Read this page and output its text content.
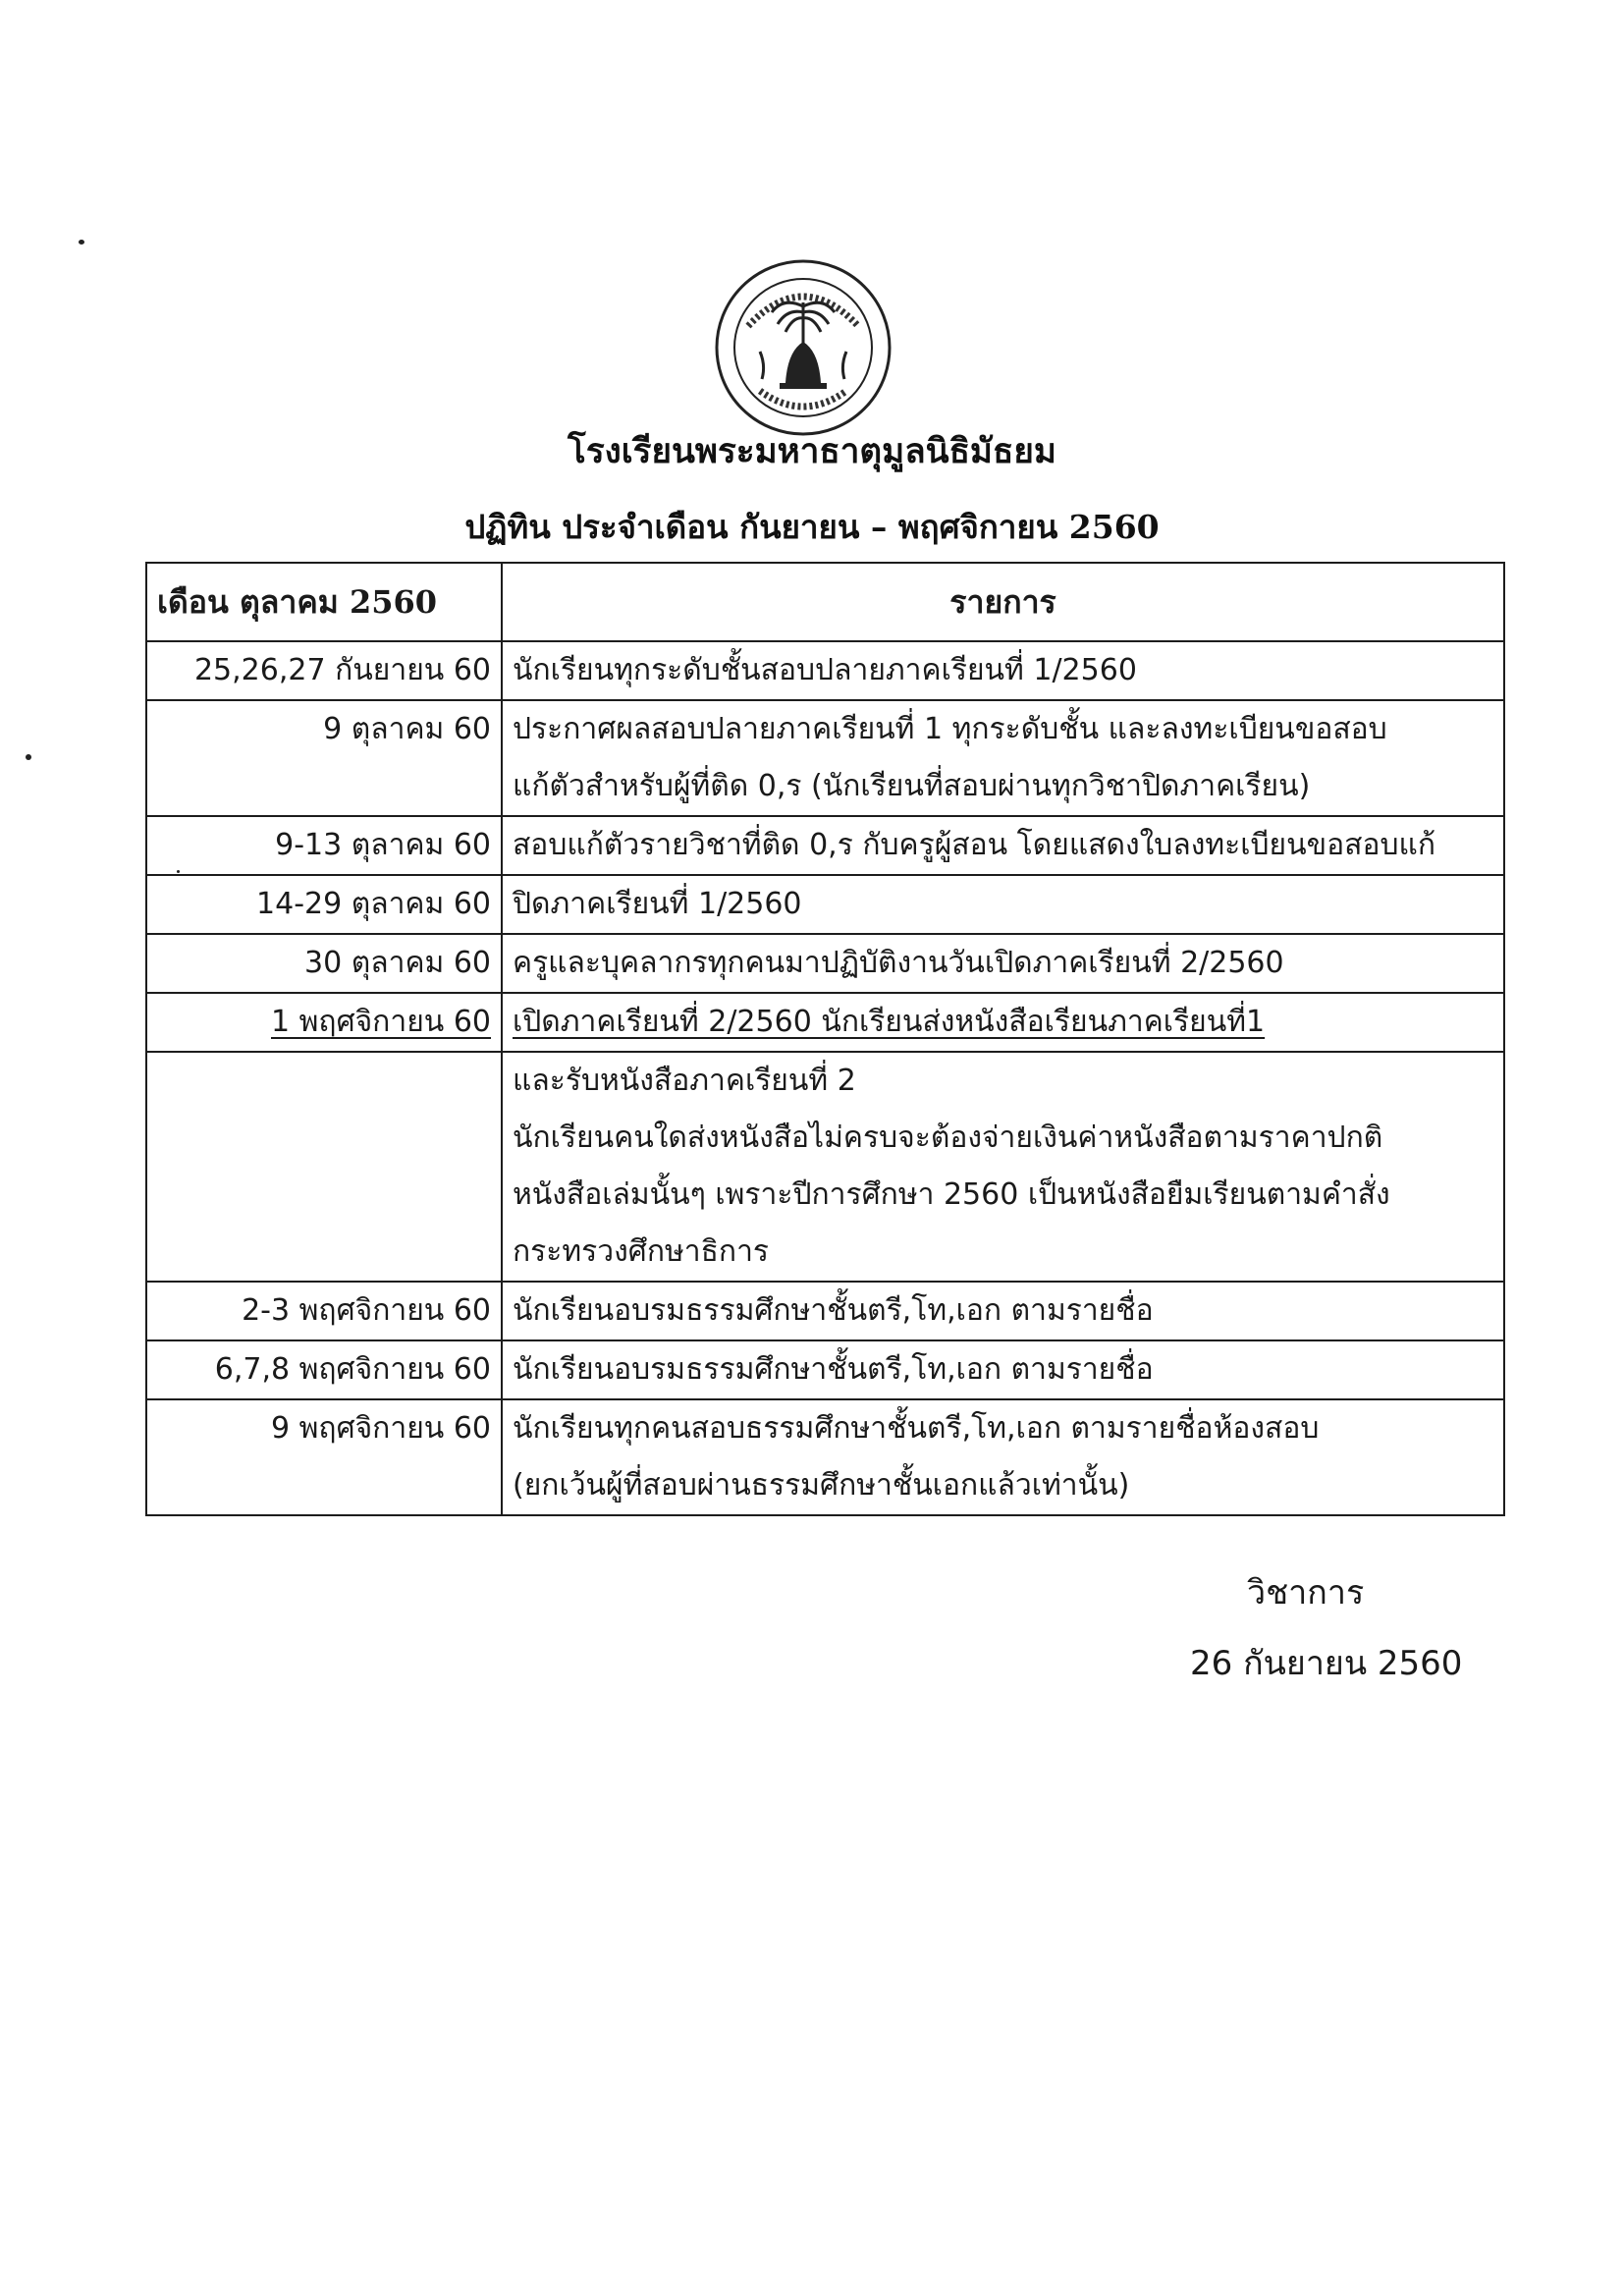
โรงเรียนพระมหาธาตุมูลนิธิมัธยม
ปฏิทิน ประจำเดือน กันยายน – พฤศจิกายน 2560
เดือน ตุลาคม 2560	รายการ
25,26,27 กันยายน 60	นักเรียนทุกระดับชั้นสอบปลายภาคเรียนที่ 1/2560

9 ตุลาคม 60	ประกาศผลสอบปลายภาคเรียนที่ 1 ทุกระดับชั้น และลงทะเบียนขอสอบ
แก้ตัวสำหรับผู้ที่ติด 0,ร (นักเรียนที่สอบผ่านทุกวิชาปิดภาคเรียน)

9-13 ตุลาคม 60	สอบแก้ตัวรายวิชาที่ติด 0,ร กับครูผู้สอน โดยแสดงใบลงทะเบียนขอสอบแก้

14-29 ตุลาคม 60	ปิดภาคเรียนที่ 1/2560

30 ตุลาคม 60	ครูและบุคลากรทุกคนมาปฏิบัติงานวันเปิดภาคเรียนที่ 2/2560

1 พฤศจิกายน 60	เปิดภาคเรียนที่ 2/2560 นักเรียนส่งหนังสือเรียนภาคเรียนที่1

	และรับหนังสือภาคเรียนที่ 2
นักเรียนคนใดส่งหนังสือไม่ครบจะต้องจ่ายเงินค่าหนังสือตามราคาปกติ
หนังสือเล่มนั้นๆ เพราะปีการศึกษา 2560 เป็นหนังสือยืมเรียนตามคำสั่ง
กระทรวงศึกษาธิการ

2-3 พฤศจิกายน 60	นักเรียนอบรมธรรมศึกษาชั้นตรี,โท,เอก ตามรายชื่อ

6,7,8 พฤศจิกายน 60	นักเรียนอบรมธรรมศึกษาชั้นตรี,โท,เอก ตามรายชื่อ

9 พฤศจิกายน 60	นักเรียนทุกคนสอบธรรมศึกษาชั้นตรี,โท,เอก ตามรายชื่อห้องสอบ
(ยกเว้นผู้ที่สอบผ่านธรรมศึกษาชั้นเอกแล้วเท่านั้น)
วิชาการ
26 กันยายน 2560
